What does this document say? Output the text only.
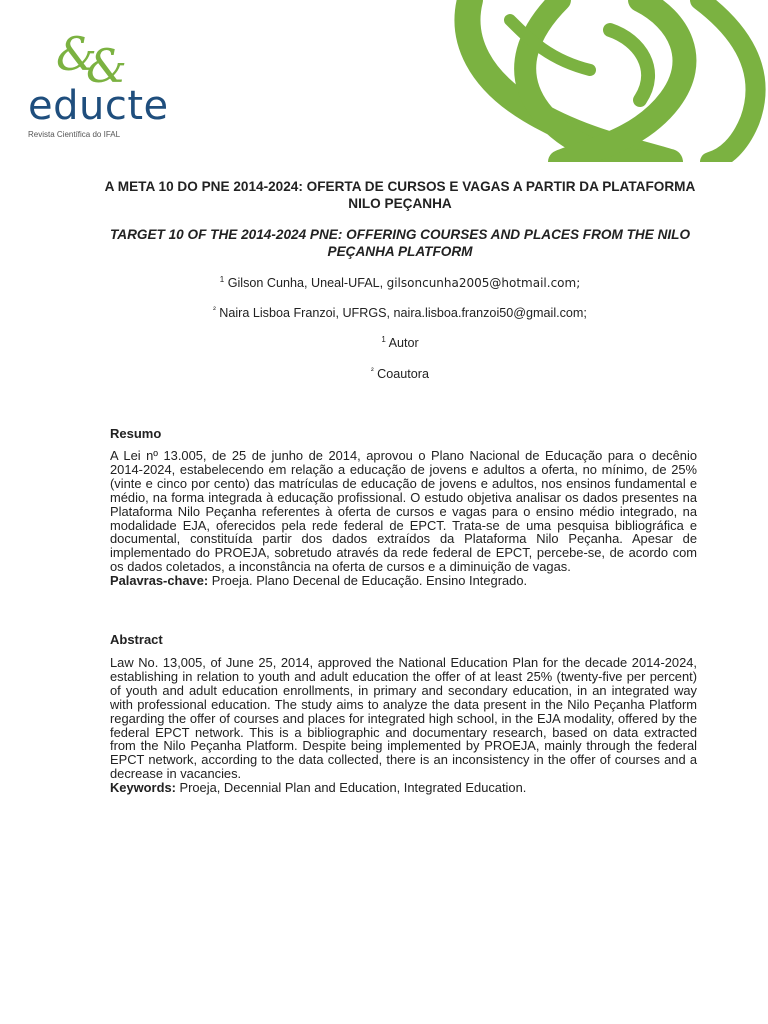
&
&
educte
Revista Científica do IFAL
A META 10 DO PNE 2014-2024: OFERTA DE CURSOS E VAGAS A PARTIR DA PLATAFORMA NILO PEÇANHA
TARGET 10 OF THE 2014-2024 PNE: OFFERING COURSES AND PLACES FROM THE NILO PEÇANHA PLATFORM
$^1$ Gilson Cunha, Uneal-UFAL, gilsoncunha2005@hotmail.com;
$^{^2}$ Naira Lisboa Franzoi, UFRGS, naira.lisboa.franzoi50@gmail.com;
$^1$ Autor
$^{^2}$ Coautora
Resumo
A Lei nº 13.005, de 25 de junho de 2014, aprovou o Plano Nacional de Educação para o decênio 2014-2024, estabelecendo em relação a educação de jovens e adultos a oferta, no mínimo, de 25% (vinte e cinco por cento) das matrículas de educação de jovens e adultos, nos ensinos fundamental e médio, na forma integrada à educação profissional. O estudo objetiva analisar os dados presentes na Plataforma Nilo Peçanha referentes à oferta de cursos e vagas para o ensino médio integrado, na modalidade EJA, oferecidos pela rede federal de EPCT. Trata-se de uma pesquisa bibliográfica e documental, constituída partir dos dados extraídos da Plataforma Nilo Peçanha. Apesar de implementado do PROEJA, sobretudo através da rede federal de EPCT, percebe-se, de acordo com os dados coletados, a inconstância na oferta de cursos e a diminuição de vagas.
Palavras-chave: Proeja. Plano Decenal de Educação. Ensino Integrado.
Abstract
Law No. 13,005, of June 25, 2014, approved the National Education Plan for the decade 2014-2024, establishing in relation to youth and adult education the offer of at least 25% (twenty-five per percent) of youth and adult education enrollments, in primary and secondary education, in an integrated way with professional education. The study aims to analyze the data present in the Nilo Peçanha Platform regarding the offer of courses and places for integrated high school, in the EJA modality, offered by the federal EPCT network. This is a bibliographic and documentary research, based on data extracted from the Nilo Peçanha Platform. Despite being implemented by PROEJA, mainly through the federal EPCT network, according to the data collected, there is an inconsistency in the offer of courses and a decrease in vacancies.
Keywords: Proeja, Decennial Plan and Education, Integrated Education.
